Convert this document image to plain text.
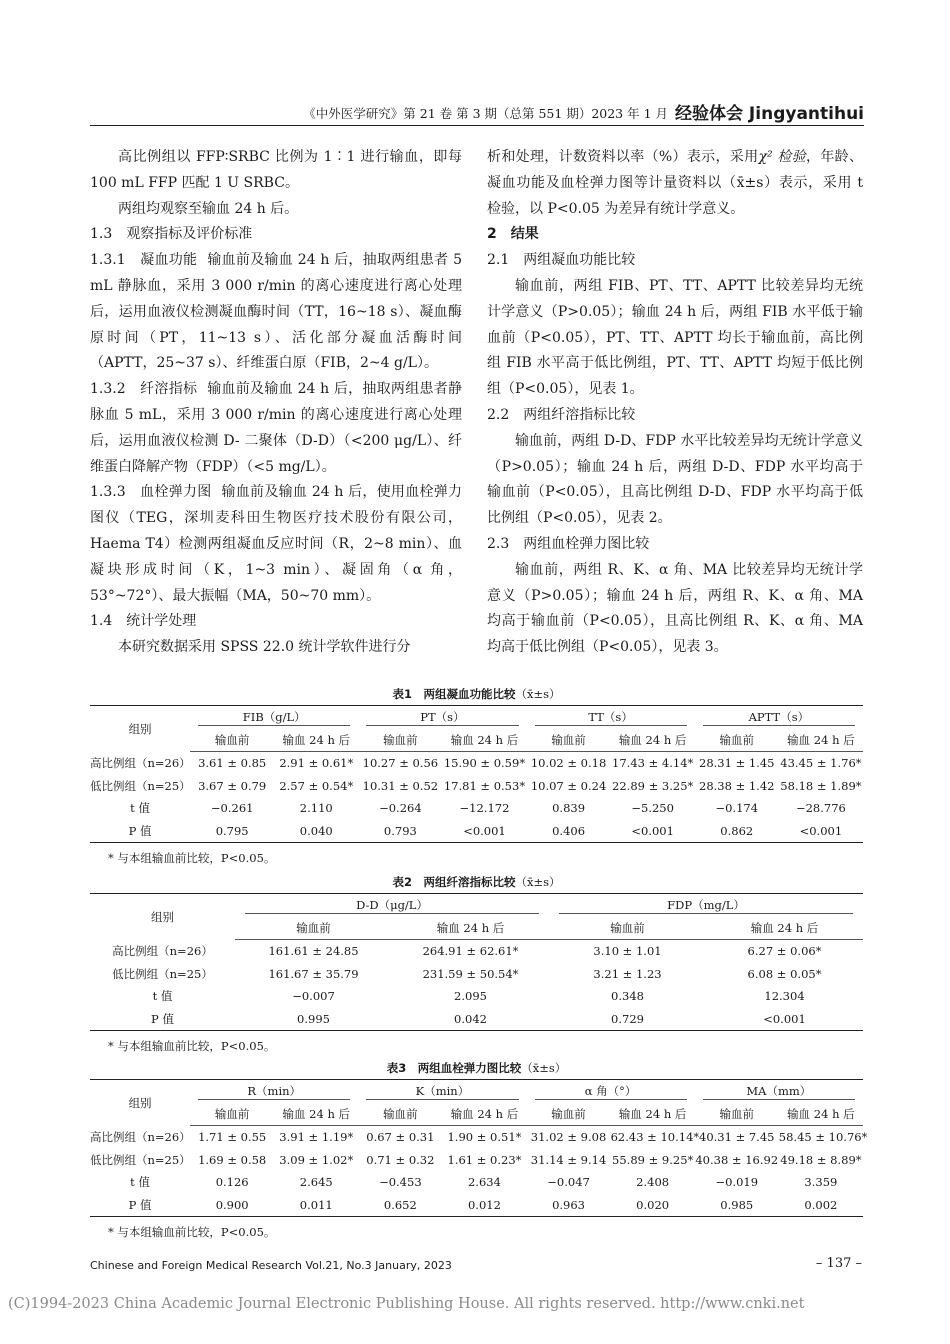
《中外医学研究》第 21 卷 第 3 期（总第 551 期）2023 年 1 月 经验体会 Jingyantihui

高比例组以 FFP∶SRBC 比例为 1∶1 进行输血，即每 100 mL FFP 匹配 1 U SRBC。

两组均观察至输血 24 h 后。

1.3　观察指标及评价标准

1.3.1　凝血功能 输血前及输血 24 h 后，抽取两组患者 5 mL 静脉血，采用 3 000 r/min 的离心速度进行离心处理后，运用血液仪检测凝血酶时间（TT，16~18 s）、凝血酶原时间（PT，11~13 s）、活化部分凝血活酶时间（APTT，25~37 s）、纤维蛋白原（FIB，2~4 g/L）。

1.3.2　纤溶指标 输血前及输血 24 h 后，抽取两组患者静脉血 5 mL，采用 3 000 r/min 的离心速度进行离心处理后，运用血液仪检测 D- 二聚体（D-D）（<200 μg/L）、纤维蛋白降解产物（FDP）（<5 mg/L）。

1.3.3　血栓弹力图 输血前及输血 24 h 后，使用血栓弹力图仪（TEG，深圳麦科田生物医疗技术股份有限公司，Haema T4）检测两组凝血反应时间（R，2~8 min）、血凝块形成时间（K，1~3 min）、凝固角（α 角，53°~72°）、最大振幅（MA，50~70 mm）。

1.4　统计学处理

本研究数据采用 SPSS 22.0 统计学软件进行分

析和处理，计数资料以率（%）表示，采用χ² 检验，年龄、凝血功能及血栓弹力图等计量资料以（x̄±s）表示，采用 t 检验，以 P<0.05 为差异有统计学意义。

2　结果

2.1　两组凝血功能比较

输血前，两组 FIB、PT、TT、APTT 比较差异均无统计学意义（P>0.05）；输血 24 h 后，两组 FIB 水平低于输血前（P<0.05），PT、TT、APTT 均长于输血前，高比例组 FIB 水平高于低比例组，PT、TT、APTT 均短于低比例组（P<0.05），见表 1。

2.2　两组纤溶指标比较

输血前，两组 D-D、FDP 水平比较差异均无统计学意义（P>0.05）；输血 24 h 后，两组 D-D、FDP 水平均高于输血前（P<0.05），且高比例组 D-D、FDP 水平均高于低比例组（P<0.05），见表 2。

2.3　两组血栓弹力图比较

输血前，两组 R、K、α 角、MA 比较差异均无统计学意义（P>0.05）；输血 24 h 后，两组 R、K、α 角、MA 均高于输血前（P<0.05），且高比例组 R、K、α 角、MA 均高于低比例组（P<0.05），见表 3。

表1　两组凝血功能比较（x̄±s）
组别	FIB（g/L）		PT（s）		TT（s）		APTT（s）	

	输血前	输血 24 h 后	输血前	输血 24 h 后	输血前	输血 24 h 后	输血前	输血 24 h 后
高比例组（n=26）	3.61 ± 0.85	2.91 ± 0.61*	10.27 ± 0.56	15.90 ± 0.59*	10.02 ± 0.18	17.43 ± 4.14*	28.31 ± 1.45	43.45 ± 1.76*
低比例组（n=25）	3.67 ± 0.79	2.57 ± 0.54*	10.31 ± 0.52	17.81 ± 0.53*	10.07 ± 0.24	22.89 ± 3.25*	28.38 ± 1.42	58.18 ± 1.89*
t 值	−0.261	2.110	−0.264	−12.172	0.839	−5.250	−0.174	−28.776
P 值	0.795	0.040	0.793	<0.001	0.406	<0.001	0.862	<0.001
* 与本组输血前比较，P<0.05。
表2　两组纤溶指标比较（x̄±s）
组别	D-D（μg/L）		FDP（mg/L）	

	输血前	输血 24 h 后	输血前	输血 24 h 后
高比例组（n=26）	161.61 ± 24.85	264.91 ± 62.61*	3.10 ± 1.01	6.27 ± 0.06*
低比例组（n=25）	161.67 ± 35.79	231.59 ± 50.54*	3.21 ± 1.23	6.08 ± 0.05*
t 值	−0.007	2.095	0.348	12.304
P 值	0.995	0.042	0.729	<0.001
* 与本组输血前比较，P<0.05。
表3　两组血栓弹力图比较（x̄±s）
组别	R（min）		K（min）		α 角（°）		MA（mm）	

	输血前	输血 24 h 后	输血前	输血 24 h 后	输血前	输血 24 h 后	输血前	输血 24 h 后
高比例组（n=26）	1.71 ± 0.55	3.91 ± 1.19*	0.67 ± 0.31	1.90 ± 0.51*	31.02 ± 9.08	62.43 ± 10.14*	40.31 ± 7.45	58.45 ± 10.76*
低比例组（n=25）	1.69 ± 0.58	3.09 ± 1.02*	0.71 ± 0.32	1.61 ± 0.23*	31.14 ± 9.14	55.89 ± 9.25*	40.38 ± 16.92	49.18 ± 8.89*
t 值	0.126	2.645	−0.453	2.634	−0.047	2.408	−0.019	3.359
P 值	0.900	0.011	0.652	0.012	0.963	0.020	0.985	0.002
* 与本组输血前比较，P<0.05。
Chinese and Foreign Medical Research Vol.21, No.3 January, 2023	– 137 –
(C)1994-2023 China Academic Journal Electronic Publishing House. All rights reserved. http://www.cnki.net
